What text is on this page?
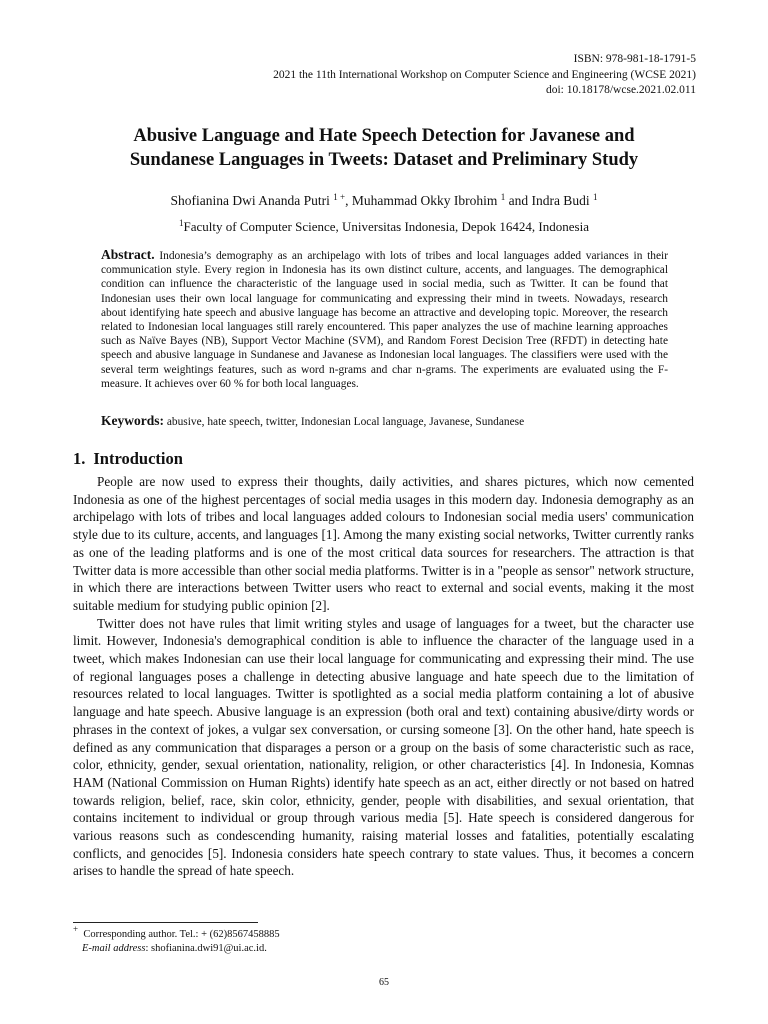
ISBN: 978-981-18-1791-5
2021 the 11th International Workshop on Computer Science and Engineering (WCSE 2021)
doi: 10.18178/wcse.2021.02.011
Abusive Language and Hate Speech Detection for Javanese and
Sundanese Languages in Tweets: Dataset and Preliminary Study
Shofianina Dwi Ananda Putri $^{1 +}$, Muhammad Okky Ibrohim $^1$ and Indra Budi $^1$
$^1$Faculty of Computer Science, Universitas Indonesia, Depok 16424, Indonesia
Abstract. Indonesia’s demography as an archipelago with lots of tribes and local languages added variances in their communication style. Every region in Indonesia has its own distinct culture, accents, and languages. The demographical condition can influence the characteristic of the language used in social media, such as Twitter. It can be found that Indonesian uses their own local language for communicating and expressing their mind in tweets. Nowadays, research about identifying hate speech and abusive language has become an attractive and developing topic. Moreover, the research related to Indonesian local languages still rarely encountered. This paper analyzes the use of machine learning approaches such as Naïve Bayes (NB), Support Vector Machine (SVM), and Random Forest Decision Tree (RFDT) in detecting hate speech and abusive language in Sundanese and Javanese as Indonesian local languages. The classifiers were used with the several term weightings features, such as word n-grams and char n-grams. The experiments are evaluated using the F-measure. It achieves over 60 % for both local languages.
Keywords: abusive, hate speech, twitter, Indonesian Local language, Javanese, Sundanese
1. Introduction

People are now used to express their thoughts, daily activities, and shares pictures, which now cemented Indonesia as one of the highest percentages of social media usages in this modern day. Indonesia demography as an archipelago with lots of tribes and local languages added colours to Indonesian social media users' communication style due to its culture, accents, and languages [1]. Among the many existing social networks, Twitter currently ranks as one of the leading platforms and is one of the most critical data sources for researchers. The attraction is that Twitter data is more accessible than other social media platforms. Twitter is in a "people as sensor" network structure, in which there are interactions between Twitter users who react to external and social events, making it the most suitable medium for studying public opinion [2].

Twitter does not have rules that limit writing styles and usage of languages for a tweet, but the character use limit. However, Indonesia's demographical condition is able to influence the character of the language used in a tweet, which makes Indonesian can use their local language for communicating and expressing their mind. The use of regional languages poses a challenge in detecting abusive language and hate speech due to the limitation of resources related to local languages. Twitter is spotlighted as a social media platform containing a lot of abusive language and hate speech. Abusive language is an expression (both oral and text) containing abusive/dirty words or phrases in the context of jokes, a vulgar sex conversation, or cursing someone [3]. On the other hand, hate speech is defined as any communication that disparages a person or a group on the basis of some characteristic such as race, color, ethnicity, gender, sexual orientation, nationality, religion, or other characteristics [4]. In Indonesia, Komnas HAM (National Commission on Human Rights) identify hate speech as an act, either directly or not based on hatred towards religion, belief, race, skin color, ethnicity, gender, people with disabilities, and sexual orientation, that contains incitement to individual or group through various media [5]. Hate speech is considered dangerous for various reasons such as condescending humanity, raising material losses and fatalities, potentially escalating conflicts, and genocides [5]. Indonesia considers hate speech contrary to state values. Thus, it becomes a concern arises to handle the spread of hate speech.

+ Corresponding author. Tel.: + (62)8567458885
E-mail address: shofianina.dwi91@ui.ac.id.
65
